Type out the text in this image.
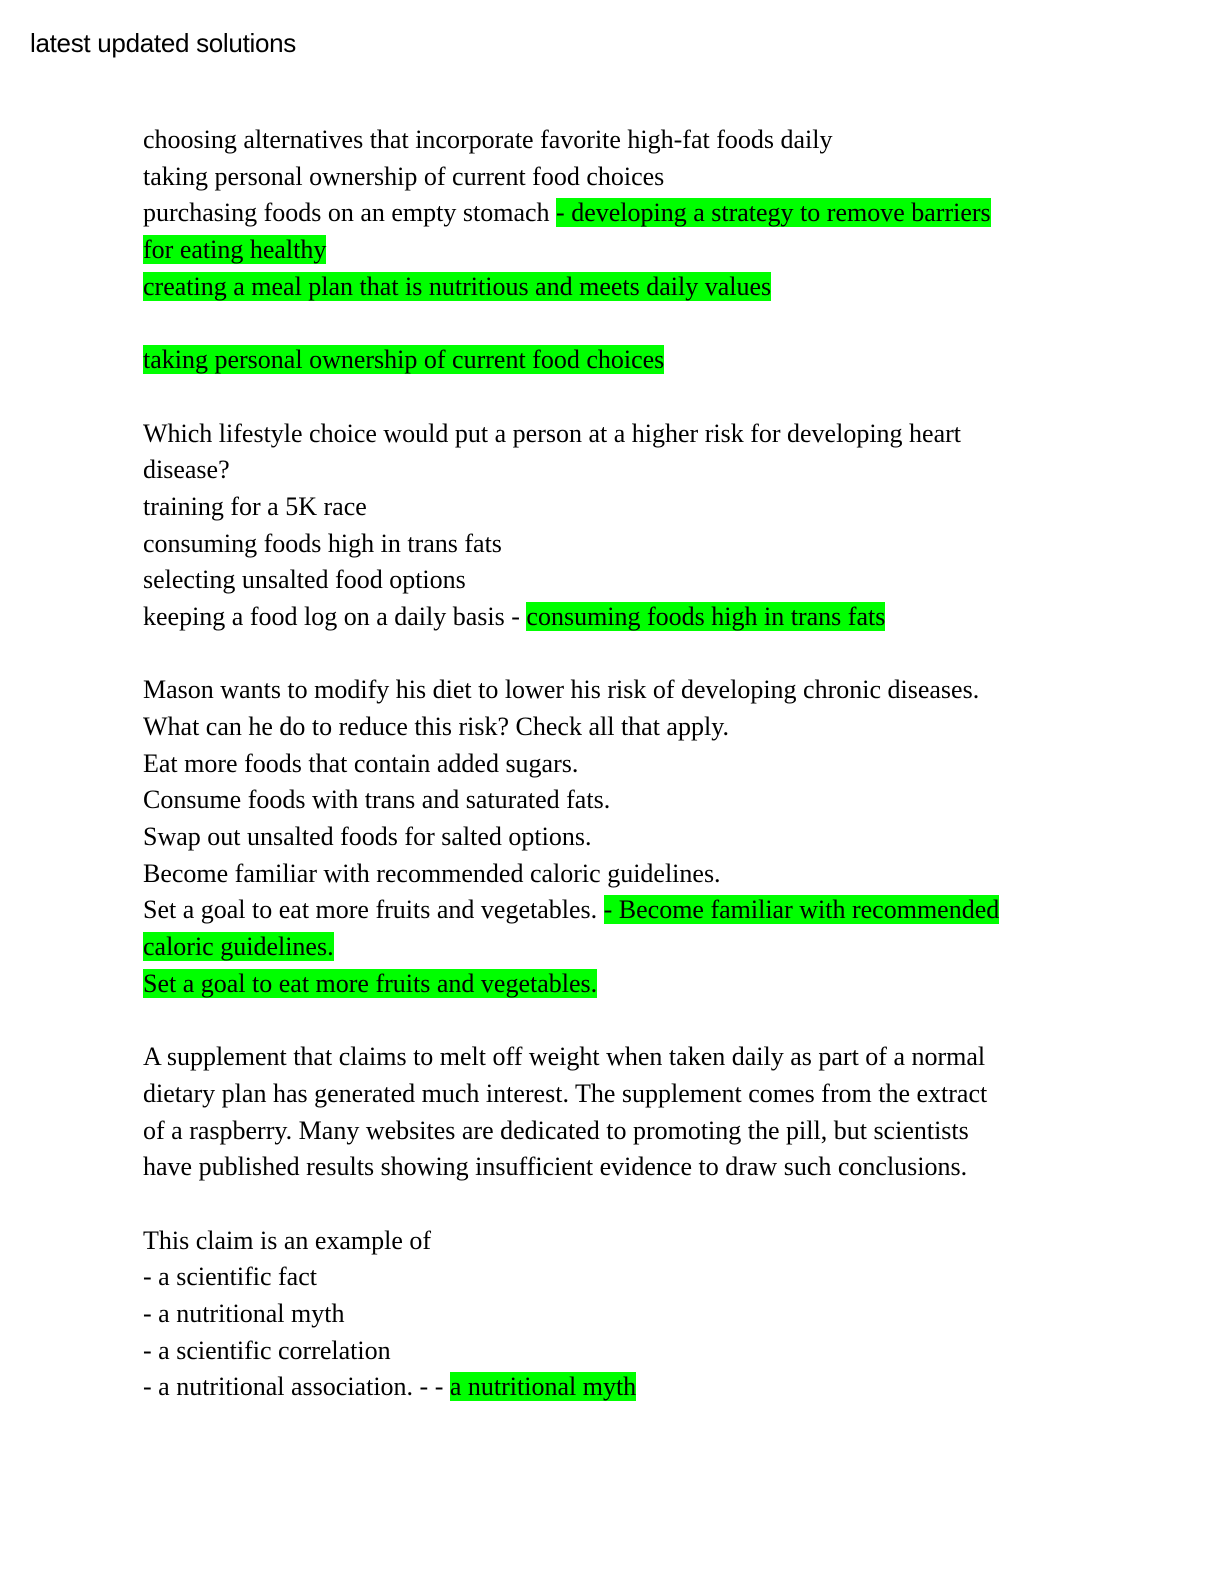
latest updated solutions
choosing alternatives that incorporate favorite high-fat foods daily
taking personal ownership of current food choices
purchasing foods on an empty stomach - developing a strategy to remove barriers
for eating healthy
creating a meal plan that is nutritious and meets daily values
taking personal ownership of current food choices
Which lifestyle choice would put a person at a higher risk for developing heart
disease?
training for a 5K race
consuming foods high in trans fats
selecting unsalted food options
keeping a food log on a daily basis - consuming foods high in trans fats
Mason wants to modify his diet to lower his risk of developing chronic diseases.
What can he do to reduce this risk? Check all that apply.
Eat more foods that contain added sugars.
Consume foods with trans and saturated fats.
Swap out unsalted foods for salted options.
Become familiar with recommended caloric guidelines.
Set a goal to eat more fruits and vegetables. - Become familiar with recommended
caloric guidelines.
Set a goal to eat more fruits and vegetables.
A supplement that claims to melt off weight when taken daily as part of a normal
dietary plan has generated much interest. The supplement comes from the extract
of a raspberry. Many websites are dedicated to promoting the pill, but scientists
have published results showing insufficient evidence to draw such conclusions.
This claim is an example of
- a scientific fact
- a nutritional myth
- a scientific correlation
- a nutritional association. - - a nutritional myth
